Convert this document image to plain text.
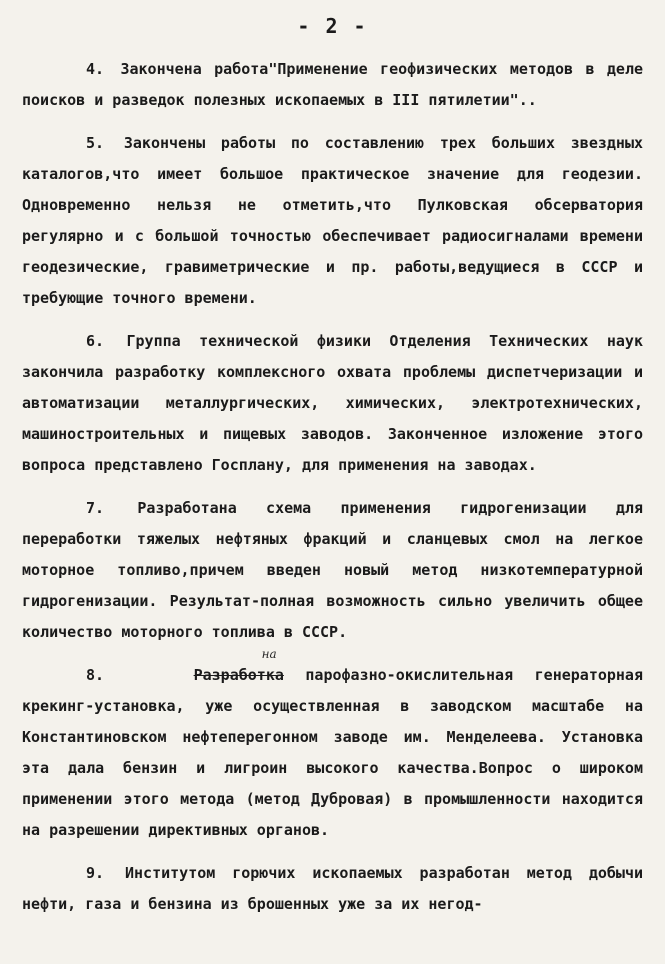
- 2 -

4. Закончена работа"Применение геофизических методов в деле поисков и разведок полезных ископаемых в III пятилетии"..

5. Закончены работы по составлению трех больших звездных каталогов,что имеет большое практическое значение для геодезии. Одновременно нельзя не отметить,что Пулковская обсерватория регулярно и с большой точностью обеспечивает радиосигналами времени геодезические, гравиметрические и пр. работы,ведущиеся в СССР и требующие точного времени.

6. Группа технической физики Отделения Технических наук закончила разработку комплексного охвата проблемы диспетчеризации и автоматизации металлургических, химических, электротехнических, машиностроительных и пищевых заводов. Законченное изложение этого вопроса представлено Госплану, для применения на заводах.

7. Разработана схема применения гидрогенизации для переработки тяжелых нефтяных фракций и сланцевых смол на легкое моторное топливо,причем введен новый метод низкотемпературной гидрогенизации. Результат-полная возможность сильно увеличить общее количество моторного топлива в СССР.

8.	Разработка
на
парофазно-окислительная генераторная крекинг-установка, уже осуществленная в заводском масштабе на Константиновском нефтеперегонном заводе им. Менделеева. Установка эта дала бензин и лигроин высокого качества.Вопрос о широком применении этого метода (метод Дубровая) в промышленности находится на разрешении директивных органов.

9. Институтом горючих ископаемых разработан метод добычи нефти, газа и бензина из брошенных уже за их негод-
